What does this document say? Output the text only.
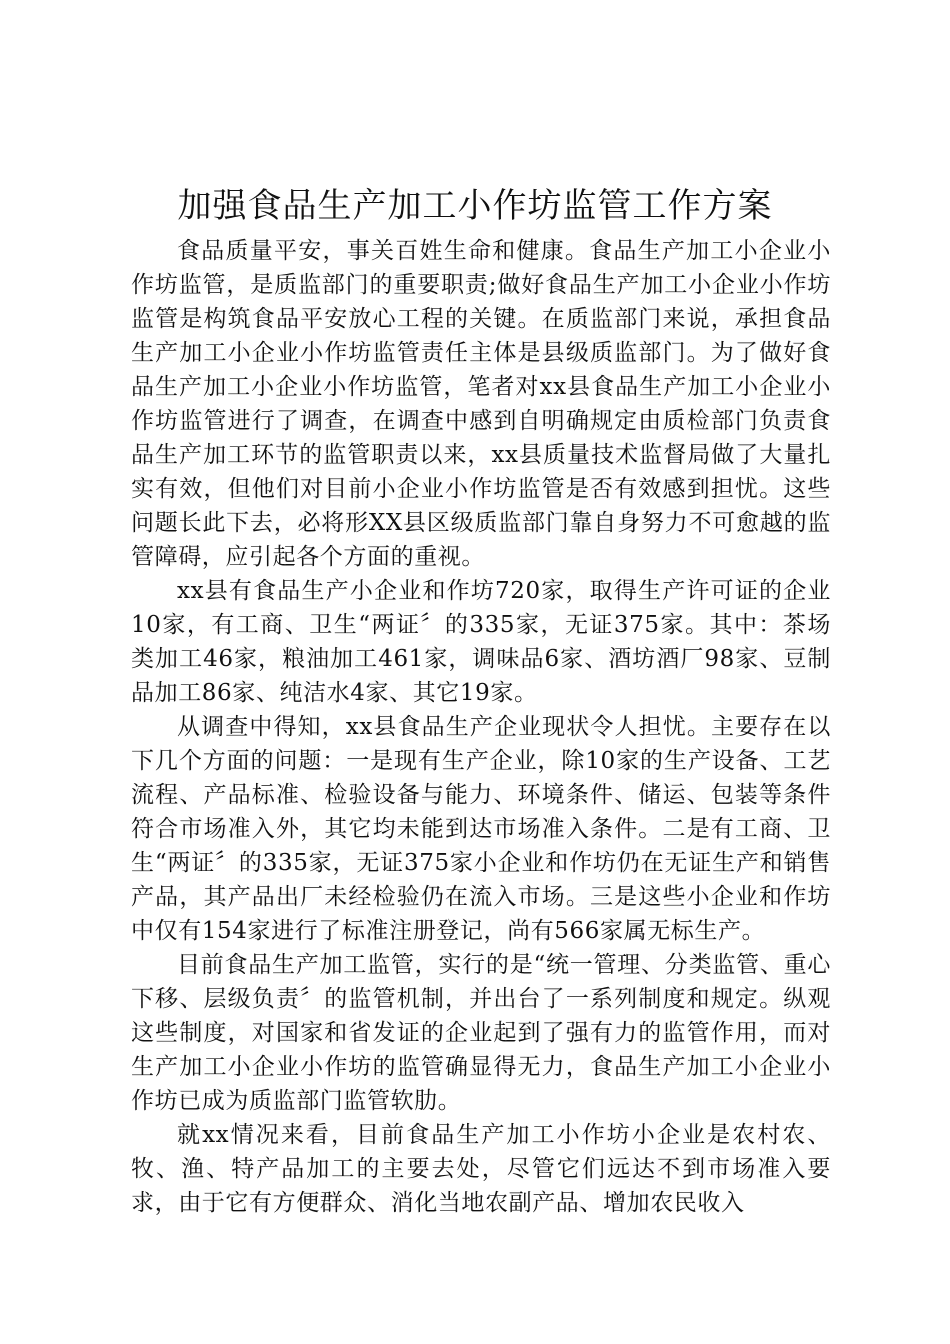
加强食品生产加工小作坊监管工作方案

食品质量平安，事关百姓生命和健康。食品生产加工小企业小作坊监管，是质监部门的重要职责;做好食品生产加工小企业小作坊监管是构筑食品平安放心工程的关键。在质监部门来说，承担食品生产加工小企业小作坊监管责任主体是县级质监部门。为了做好食品生产加工小企业小作坊监管，笔者对xx县食品生产加工小企业小作坊监管进行了调查，在调查中感到自明确规定由质检部门负责食品生产加工环节的监管职责以来，xx县质量技术监督局做了大量扎实有效，但他们对目前小企业小作坊监管是否有效感到担忧。这些问题长此下去，必将形XX县区级质监部门靠自身努力不可愈越的监管障碍，应引起各个方面的重视。

xx县有食品生产小企业和作坊720家，取得生产许可证的企业10家，有工商、卫生“两证〞的335家，无证375家。其中：茶场类加工46家，粮油加工461家，调味品6家、酒坊酒厂98家、豆制品加工86家、纯洁水4家、其它19家。

从调查中得知，xx县食品生产企业现状令人担忧。主要存在以下几个方面的问题：一是现有生产企业，除10家的生产设备、工艺流程、产品标准、检验设备与能力、环境条件、储运、包装等条件符合市场准入外，其它均未能到达市场准入条件。二是有工商、卫生“两证〞的335家，无证375家小企业和作坊仍在无证生产和销售产品，其产品出厂未经检验仍在流入市场。三是这些小企业和作坊中仅有154家进行了标准注册登记，尚有566家属无标生产。

目前食品生产加工监管，实行的是“统一管理、分类监管、重心下移、层级负责〞的监管机制，并出台了一系列制度和规定。纵观这些制度，对国家和省发证的企业起到了强有力的监管作用，而对生产加工小企业小作坊的监管确显得无力，食品生产加工小企业小作坊已成为质监部门监管软肋。

就xx情况来看，目前食品生产加工小作坊小企业是农村农、牧、渔、特产品加工的主要去处，尽管它们远达不到市场准入要求，由于它有方便群众、消化当地农副产品、增加农民收入
